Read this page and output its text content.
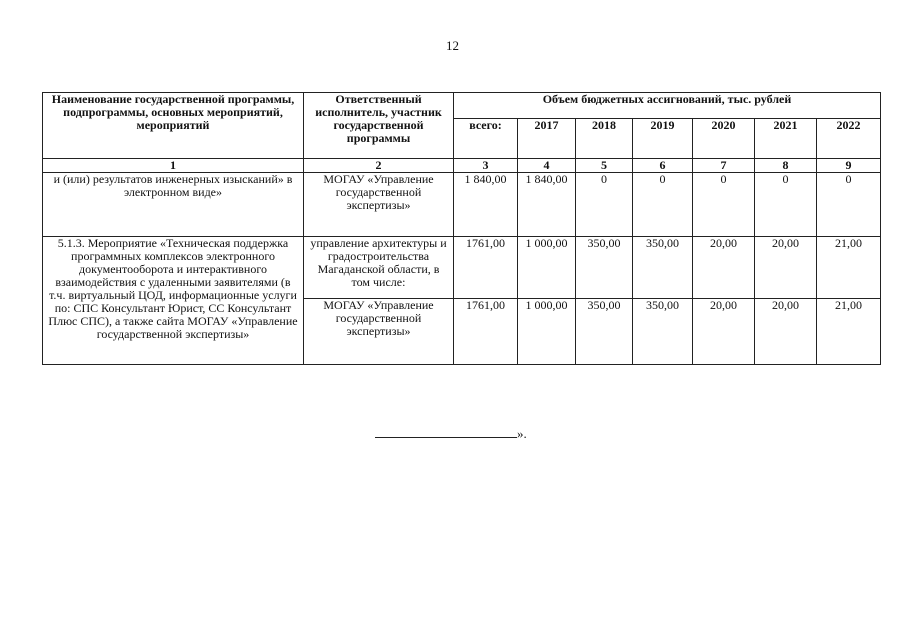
12
Наименование государственной программы, подпрограммы, основных мероприятий, мероприятий	Ответственный исполнитель, участник государственной программы	Объем бюджетных ассигнований, тыс. рублей						
		всего:	2017	2018	2019	2020	2021	2022
1	2	3	4	5	6	7	8	9
и (или) результатов инженерных изысканий» в электронном виде»	МОГАУ «Управление государственной экспертизы»	1 840,00	1 840,00	0	0	0	0	0
5.1.3. Мероприятие «Техническая поддержка программных комплексов электронного документооборота и интерактивного взаимодействия с удаленными заявителями (в т.ч. виртуальный ЦОД, информационные услуги по: СПС Консультант Юрист, СС Консультант Плюс СПС), а также сайта МОГАУ «Управление государственной экспертизы»	управление архитектуры и градостроительства Магаданской области, в том числе:	1761,00	1 000,00	350,00	350,00	20,00	20,00	21,00
	МОГАУ «Управление государственной экспертизы»	1761,00	1 000,00	350,00	350,00	20,00	20,00	21,00
».
